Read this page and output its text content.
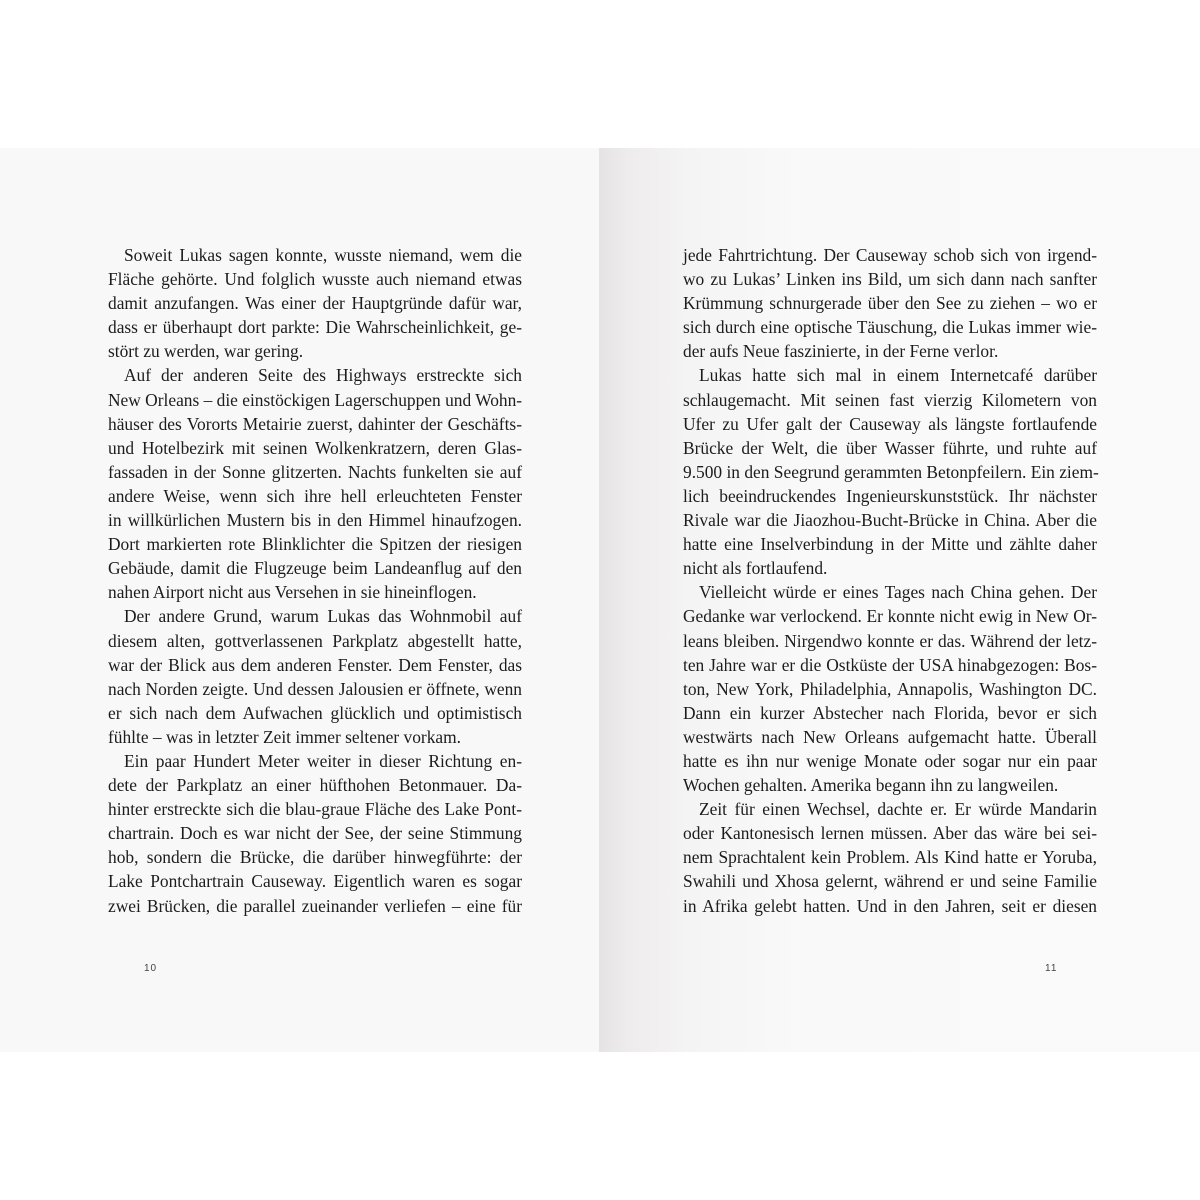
Soweit Lukas sagen konnte, wusste niemand, wem die
Fläche gehörte. Und folglich wusste auch niemand etwas
damit anzufangen. Was einer der Hauptgründe dafür war,
dass er überhaupt dort parkte: Die Wahrscheinlichkeit, ge-
stört zu werden, war gering.
Auf der anderen Seite des Highways erstreckte sich
New Orleans – die einstöckigen Lagerschuppen und Wohn-
häuser des Vororts Metairie zuerst, dahinter der Geschäfts-
und Hotelbezirk mit seinen Wolkenkratzern, deren Glas-
fassaden in der Sonne glitzerten. Nachts funkelten sie auf
andere Weise, wenn sich ihre hell erleuchteten Fenster
in willkürlichen Mustern bis in den Himmel hinaufzogen.
Dort markierten rote Blinklichter die Spitzen der riesigen
Gebäude, damit die Flugzeuge beim Landeanflug auf den
nahen Airport nicht aus Versehen in sie hineinflogen.
Der andere Grund, warum Lukas das Wohnmobil auf
diesem alten, gottverlassenen Parkplatz abgestellt hatte,
war der Blick aus dem anderen Fenster. Dem Fenster, das
nach Norden zeigte. Und dessen Jalousien er öffnete, wenn
er sich nach dem Aufwachen glücklich und optimistisch
fühlte – was in letzter Zeit immer seltener vorkam.
Ein paar Hundert Meter weiter in dieser Richtung en-
dete der Parkplatz an einer hüfthohen Betonmauer. Da-
hinter erstreckte sich die blau-graue Fläche des Lake Pont-
chartrain. Doch es war nicht der See, der seine Stimmung
hob, sondern die Brücke, die darüber hinwegführte: der
Lake Pontchartrain Causeway. Eigentlich waren es sogar
zwei Brücken, die parallel zueinander verliefen – eine für
10
jede Fahrtrichtung. Der Causeway schob sich von irgend-
wo zu Lukas’ Linken ins Bild, um sich dann nach sanfter
Krümmung schnurgerade über den See zu ziehen – wo er
sich durch eine optische Täuschung, die Lukas immer wie-
der aufs Neue faszinierte, in der Ferne verlor.
Lukas hatte sich mal in einem Internetcafé darüber
schlaugemacht. Mit seinen fast vierzig Kilometern von
Ufer zu Ufer galt der Causeway als längste fortlaufende
Brücke der Welt, die über Wasser führte, und ruhte auf
9.500 in den Seegrund gerammten Betonpfeilern. Ein ziem-
lich beeindruckendes Ingenieurskunststück. Ihr nächster
Rivale war die Jiaozhou-Bucht-Brücke in China. Aber die
hatte eine Inselverbindung in der Mitte und zählte daher
nicht als fortlaufend.
Vielleicht würde er eines Tages nach China gehen. Der
Gedanke war verlockend. Er konnte nicht ewig in New Or-
leans bleiben. Nirgendwo konnte er das. Während der letz-
ten Jahre war er die Ostküste der USA hinabgezogen: Bos-
ton, New York, Philadelphia, Annapolis, Washington DC.
Dann ein kurzer Abstecher nach Florida, bevor er sich
westwärts nach New Orleans aufgemacht hatte. Überall
hatte es ihn nur wenige Monate oder sogar nur ein paar
Wochen gehalten. Amerika begann ihn zu langweilen.
Zeit für einen Wechsel, dachte er. Er würde Mandarin
oder Kantonesisch lernen müssen. Aber das wäre bei sei-
nem Sprachtalent kein Problem. Als Kind hatte er Yoruba,
Swahili und Xhosa gelernt, während er und seine Familie
in Afrika gelebt hatten. Und in den Jahren, seit er diesen
11
